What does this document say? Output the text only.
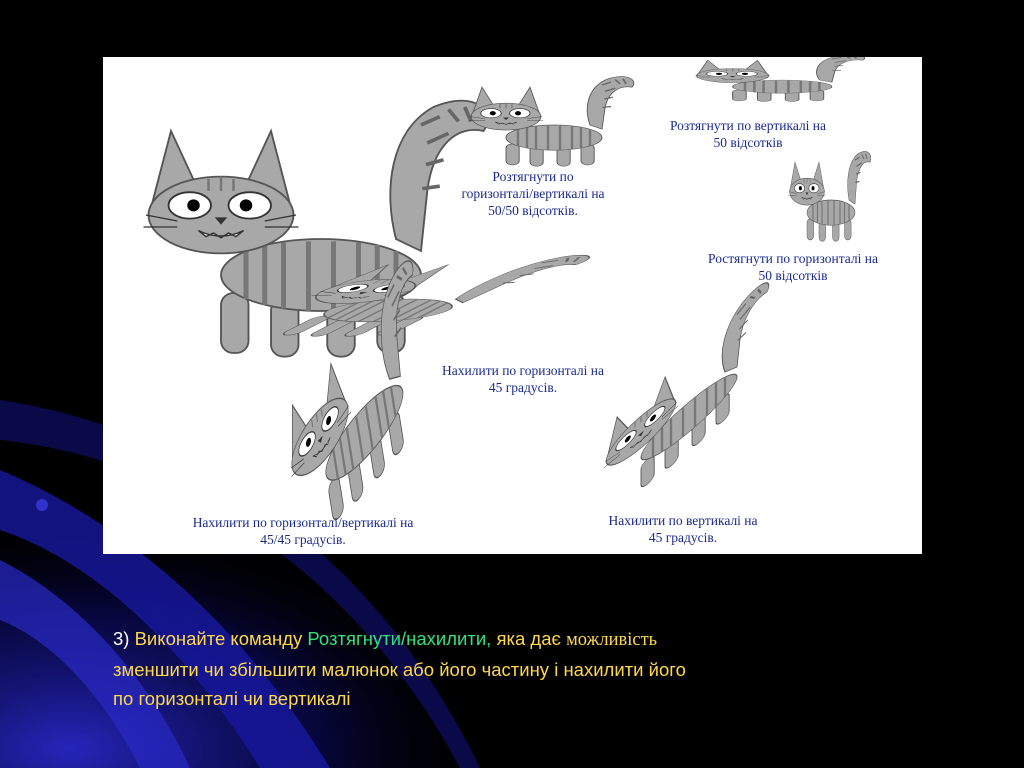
Розтягнути по
горизонталі/вертикалі на
50/50 відсотків.
Розтягнути по вертикалі на
50 відсотків
Ростягнути по горизонталі на
50 відсотків
Нахилити по горизонталі на
45 градусів.
Нахилити по горизонталі/вертикалі на
45/45 градусів.
Нахилити по вертикалі на
45 градусів.
3) Виконайте команду Розтягнути/нахилити, яка дає можливість
зменшити чи збільшити малюнок або його частину і нахилити його
по горизонталі чи вертикалі
